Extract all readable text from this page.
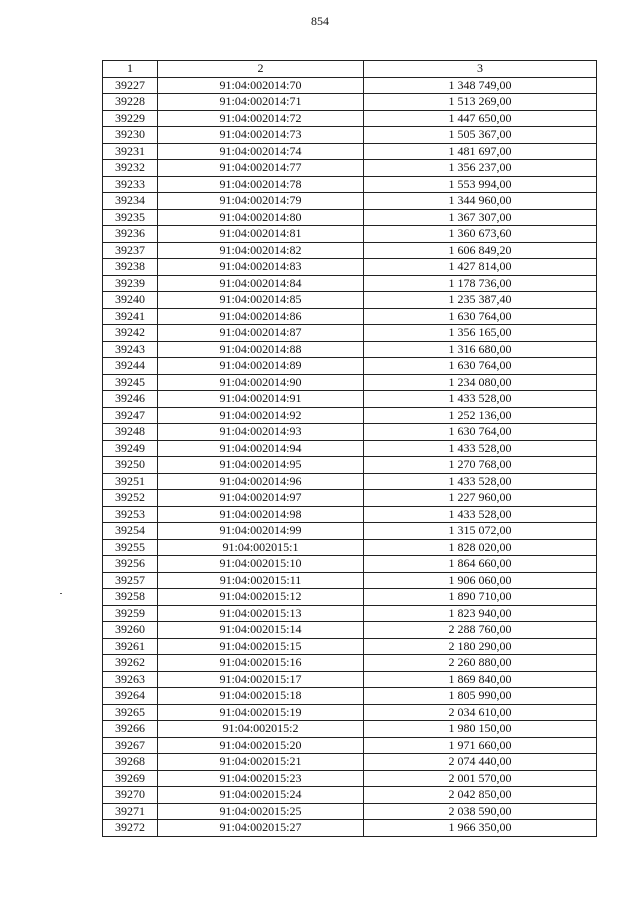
854
1	2	3
39227	91:04:002014:70	1 348 749,00
39228	91:04:002014:71	1 513 269,00
39229	91:04:002014:72	1 447 650,00
39230	91:04:002014:73	1 505 367,00
39231	91:04:002014:74	1 481 697,00
39232	91:04:002014:77	1 356 237,00
39233	91:04:002014:78	1 553 994,00
39234	91:04:002014:79	1 344 960,00
39235	91:04:002014:80	1 367 307,00
39236	91:04:002014:81	1 360 673,60
39237	91:04:002014:82	1 606 849,20
39238	91:04:002014:83	1 427 814,00
39239	91:04:002014:84	1 178 736,00
39240	91:04:002014:85	1 235 387,40
39241	91:04:002014:86	1 630 764,00
39242	91:04:002014:87	1 356 165,00
39243	91:04:002014:88	1 316 680,00
39244	91:04:002014:89	1 630 764,00
39245	91:04:002014:90	1 234 080,00
39246	91:04:002014:91	1 433 528,00
39247	91:04:002014:92	1 252 136,00
39248	91:04:002014:93	1 630 764,00
39249	91:04:002014:94	1 433 528,00
39250	91:04:002014:95	1 270 768,00
39251	91:04:002014:96	1 433 528,00
39252	91:04:002014:97	1 227 960,00
39253	91:04:002014:98	1 433 528,00
39254	91:04:002014:99	1 315 072,00
39255	91:04:002015:1	1 828 020,00
39256	91:04:002015:10	1 864 660,00
39257	91:04:002015:11	1 906 060,00
39258	91:04:002015:12	1 890 710,00
39259	91:04:002015:13	1 823 940,00
39260	91:04:002015:14	2 288 760,00
39261	91:04:002015:15	2 180 290,00
39262	91:04:002015:16	2 260 880,00
39263	91:04:002015:17	1 869 840,00
39264	91:04:002015:18	1 805 990,00
39265	91:04:002015:19	2 034 610,00
39266	91:04:002015:2	1 980 150,00
39267	91:04:002015:20	1 971 660,00
39268	91:04:002015:21	2 074 440,00
39269	91:04:002015:23	2 001 570,00
39270	91:04:002015:24	2 042 850,00
39271	91:04:002015:25	2 038 590,00
39272	91:04:002015:27	1 966 350,00
